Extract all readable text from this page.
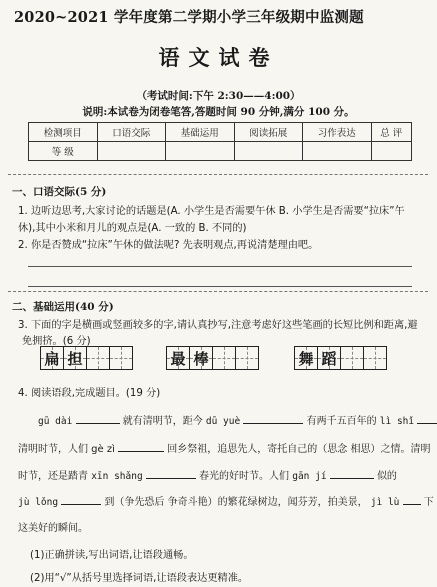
2020~2021 学年度第二学期小学三年级期中监测题
语文试卷
（考试时间:下午 2:30——4:00）
说明:本试卷为闭卷笔答,答题时间 90 分钟,满分 100 分。
检测项目	口语交际	基础运用	阅读拓展	习作表达	总 评
等 级					
一、口语交际(5 分)
1. 边听边思考,大家讨论的话题是(A. 小学生是否需要午休 B. 小学生是否需要“拉床”午
休),其中小米和月儿的观点是(A. 一致的 B. 不同的)
2. 你是否赞成“拉床”午休的做法呢? 先表明观点,再说清楚理由吧。
二、基础运用(40 分)
3. 下面的字是横画或竖画较多的字,请认真抄写,注意考虑好这些笔画的长短比例和距离,避
免拥挤。(6 分)
扁 担	最 棒	舞 蹈
4. 阅读语段,完成题目。(19 分)
gū dài	就有清明节，距今 dū yuè	有两千五百年的 lì shǐ
清明时节，人们 gè zì	回乡祭祖，追思先人，寄托自己的（思念 相思）之情。清明
时节，还是踏青 xīn shǎng	春光的好时节。人们 gān jí	似的
jù lǒng	到（争先恐后 争奇斗艳）的繁花绿树边，闻芬芳，拍美景， jì lù 下
这美好的瞬间。
(1)正确拼读,写出词语,让语段通畅。
(2)用“√”从括号里选择词语,让语段表达更精准。
